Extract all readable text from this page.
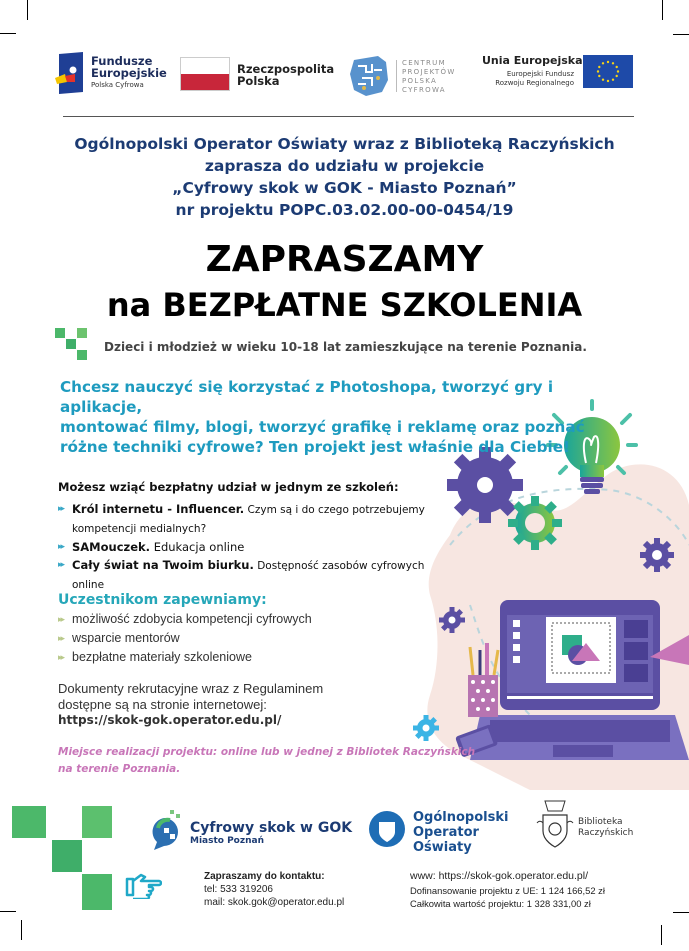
Fundusze
Europejskie
Polska Cyfrowa
Rzeczpospolita
Polska
CENTRUM
PROJEKTÓW
POLSKA
CYFROWA
Unia Europejska
Europejski Fundusz
Rozwoju Regionalnego
Ogólnopolski Operator Oświaty wraz z Biblioteką Raczyńskich
zaprasza do udziału w projekcie
„Cyfrowy skok w GOK - Miasto Poznań”
nr projektu POPC.03.02.00-00-0454/19
ZAPRASZAMY
na BEZPŁATNE SZKOLENIA
Dzieci i młodzież w wieku 10-18 lat zamieszkujące na terenie Poznania.
Chcesz nauczyć się korzystać z Photoshopa, tworzyć gry i aplikacje,
montować filmy, blogi, tworzyć grafikę i reklamę oraz poznać
różne techniki cyfrowe? Ten projekt jest właśnie dla Ciebie!
Możesz wziąć bezpłatny udział w jednym ze szkoleń:
▸▸ Król internetu - Influencer. Czym są i do czego potrzebujemy
kompetencji medialnych?
▸▸ SAMouczek. Edukacja online
▸▸ Cały świat na Twoim biurku. Dostępność zasobów cyfrowych online
Uczestnikom zapewniamy:
▸▸ możliwość zdobycia kompetencji cyfrowych
▸▸ wsparcie mentorów
▸▸ bezpłatne materiały szkoleniowe
Dokumenty rekrutacyjne wraz z Regulaminem
dostępne są na stronie internetowej:
https://skok-gok.operator.edu.pl/
Miejsce realizacji projektu: online lub w jednej z Bibliotek Raczyńskich
na terenie Poznania.
Cyfrowy skok w GOK
Miasto Poznań
Ogólnopolski
Operator
Oświaty
Biblioteka
Raczyńskich
Zapraszamy do kontaktu:
tel: 533 319206
mail: skok.gok@operator.edu.pl
www: https://skok-gok.operator.edu.pl/
Dofinansowanie projektu z UE: 1 124 166,52 zł
Całkowita wartość projektu: 1 328 331,00 zł
